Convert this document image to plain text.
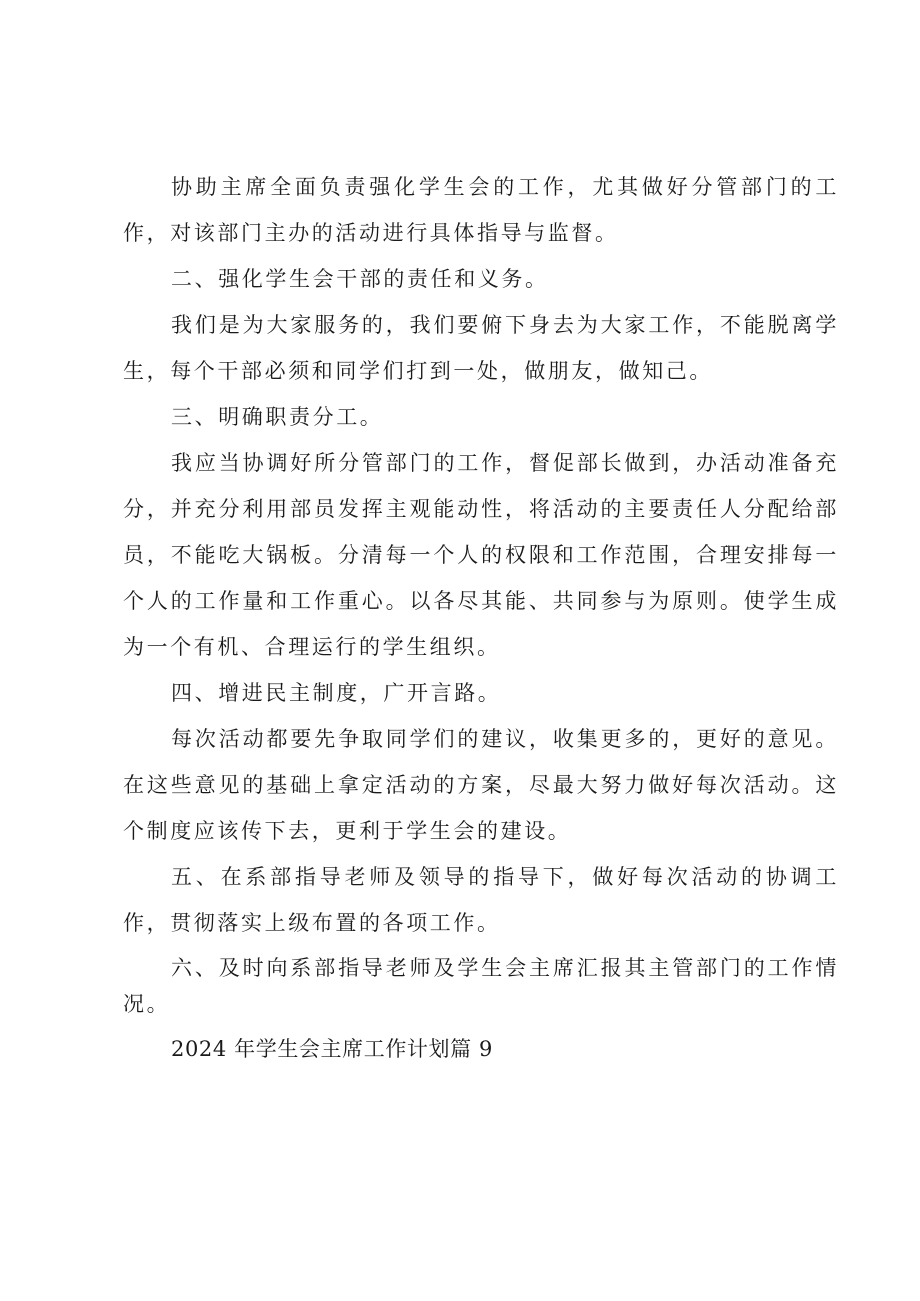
协助主席全面负责强化学生会的工作，尤其做好分管部门的工作，对该部门主办的活动进行具体指导与监督。

二、强化学生会干部的责任和义务。

我们是为大家服务的，我们要俯下身去为大家工作，不能脱离学生，每个干部必须和同学们打到一处，做朋友，做知己。

三、明确职责分工。

我应当协调好所分管部门的工作，督促部长做到，办活动准备充分，并充分利用部员发挥主观能动性，将活动的主要责任人分配给部员，不能吃大锅板。分清每一个人的权限和工作范围，合理安排每一个人的工作量和工作重心。以各尽其能、共同参与为原则。使学生成为一个有机、合理运行的学生组织。

四、增进民主制度，广开言路。

每次活动都要先争取同学们的建议，收集更多的，更好的意见。在这些意见的基础上拿定活动的方案，尽最大努力做好每次活动。这个制度应该传下去，更利于学生会的建设。

五、在系部指导老师及领导的指导下，做好每次活动的协调工作，贯彻落实上级布置的各项工作。

六、及时向系部指导老师及学生会主席汇报其主管部门的工作情况。

2024 年学生会主席工作计划篇 9
